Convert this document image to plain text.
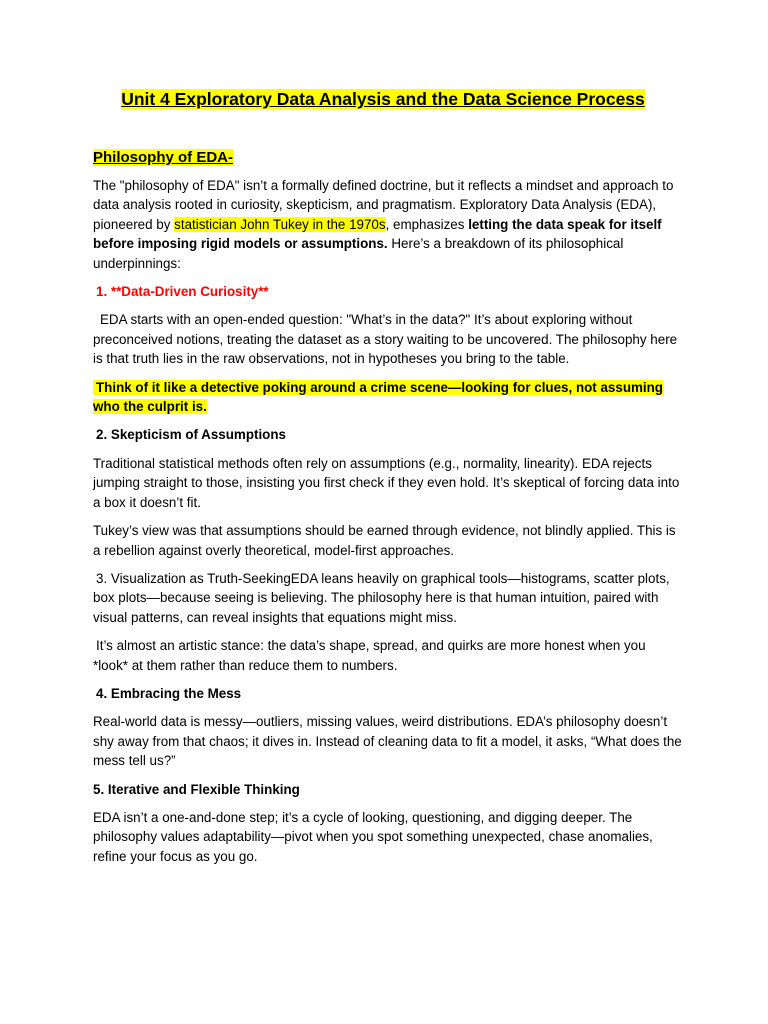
Unit 4 Exploratory Data Analysis and the Data Science Process

Philosophy of EDA-

The "philosophy of EDA" isn’t a formally defined doctrine, but it reflects a mindset and approach to data analysis rooted in curiosity, skepticism, and pragmatism. Exploratory Data Analysis (EDA), pioneered by statistician John Tukey in the 1970s, emphasizes letting the data speak for itself before imposing rigid models or assumptions. Here’s a breakdown of its philosophical underpinnings:

1. **Data-Driven Curiosity**

EDA starts with an open-ended question: "What’s in the data?" It’s about exploring without preconceived notions, treating the dataset as a story waiting to be uncovered. The philosophy here is that truth lies in the raw observations, not in hypotheses you bring to the table.

Think of it like a detective poking around a crime scene—looking for clues, not assuming who the culprit is.

2. Skepticism of Assumptions

Traditional statistical methods often rely on assumptions (e.g., normality, linearity). EDA rejects jumping straight to those, insisting you first check if they even hold. It’s skeptical of forcing data into a box it doesn’t fit.

Tukey’s view was that assumptions should be earned through evidence, not blindly applied. This is a rebellion against overly theoretical, model-first approaches.

3. Visualization as Truth-SeekingEDA leans heavily on graphical tools—histograms, scatter plots, box plots—because seeing is believing. The philosophy here is that human intuition, paired with visual patterns, can reveal insights that equations might miss.

It’s almost an artistic stance: the data’s shape, spread, and quirks are more honest when you *look* at them rather than reduce them to numbers.

4. Embracing the Mess

Real-world data is messy—outliers, missing values, weird distributions. EDA’s philosophy doesn’t shy away from that chaos; it dives in. Instead of cleaning data to fit a model, it asks, “What does the mess tell us?”

5. Iterative and Flexible Thinking

EDA isn’t a one-and-done step; it’s a cycle of looking, questioning, and digging deeper. The philosophy values adaptability—pivot when you spot something unexpected, chase anomalies, refine your focus as you go.
